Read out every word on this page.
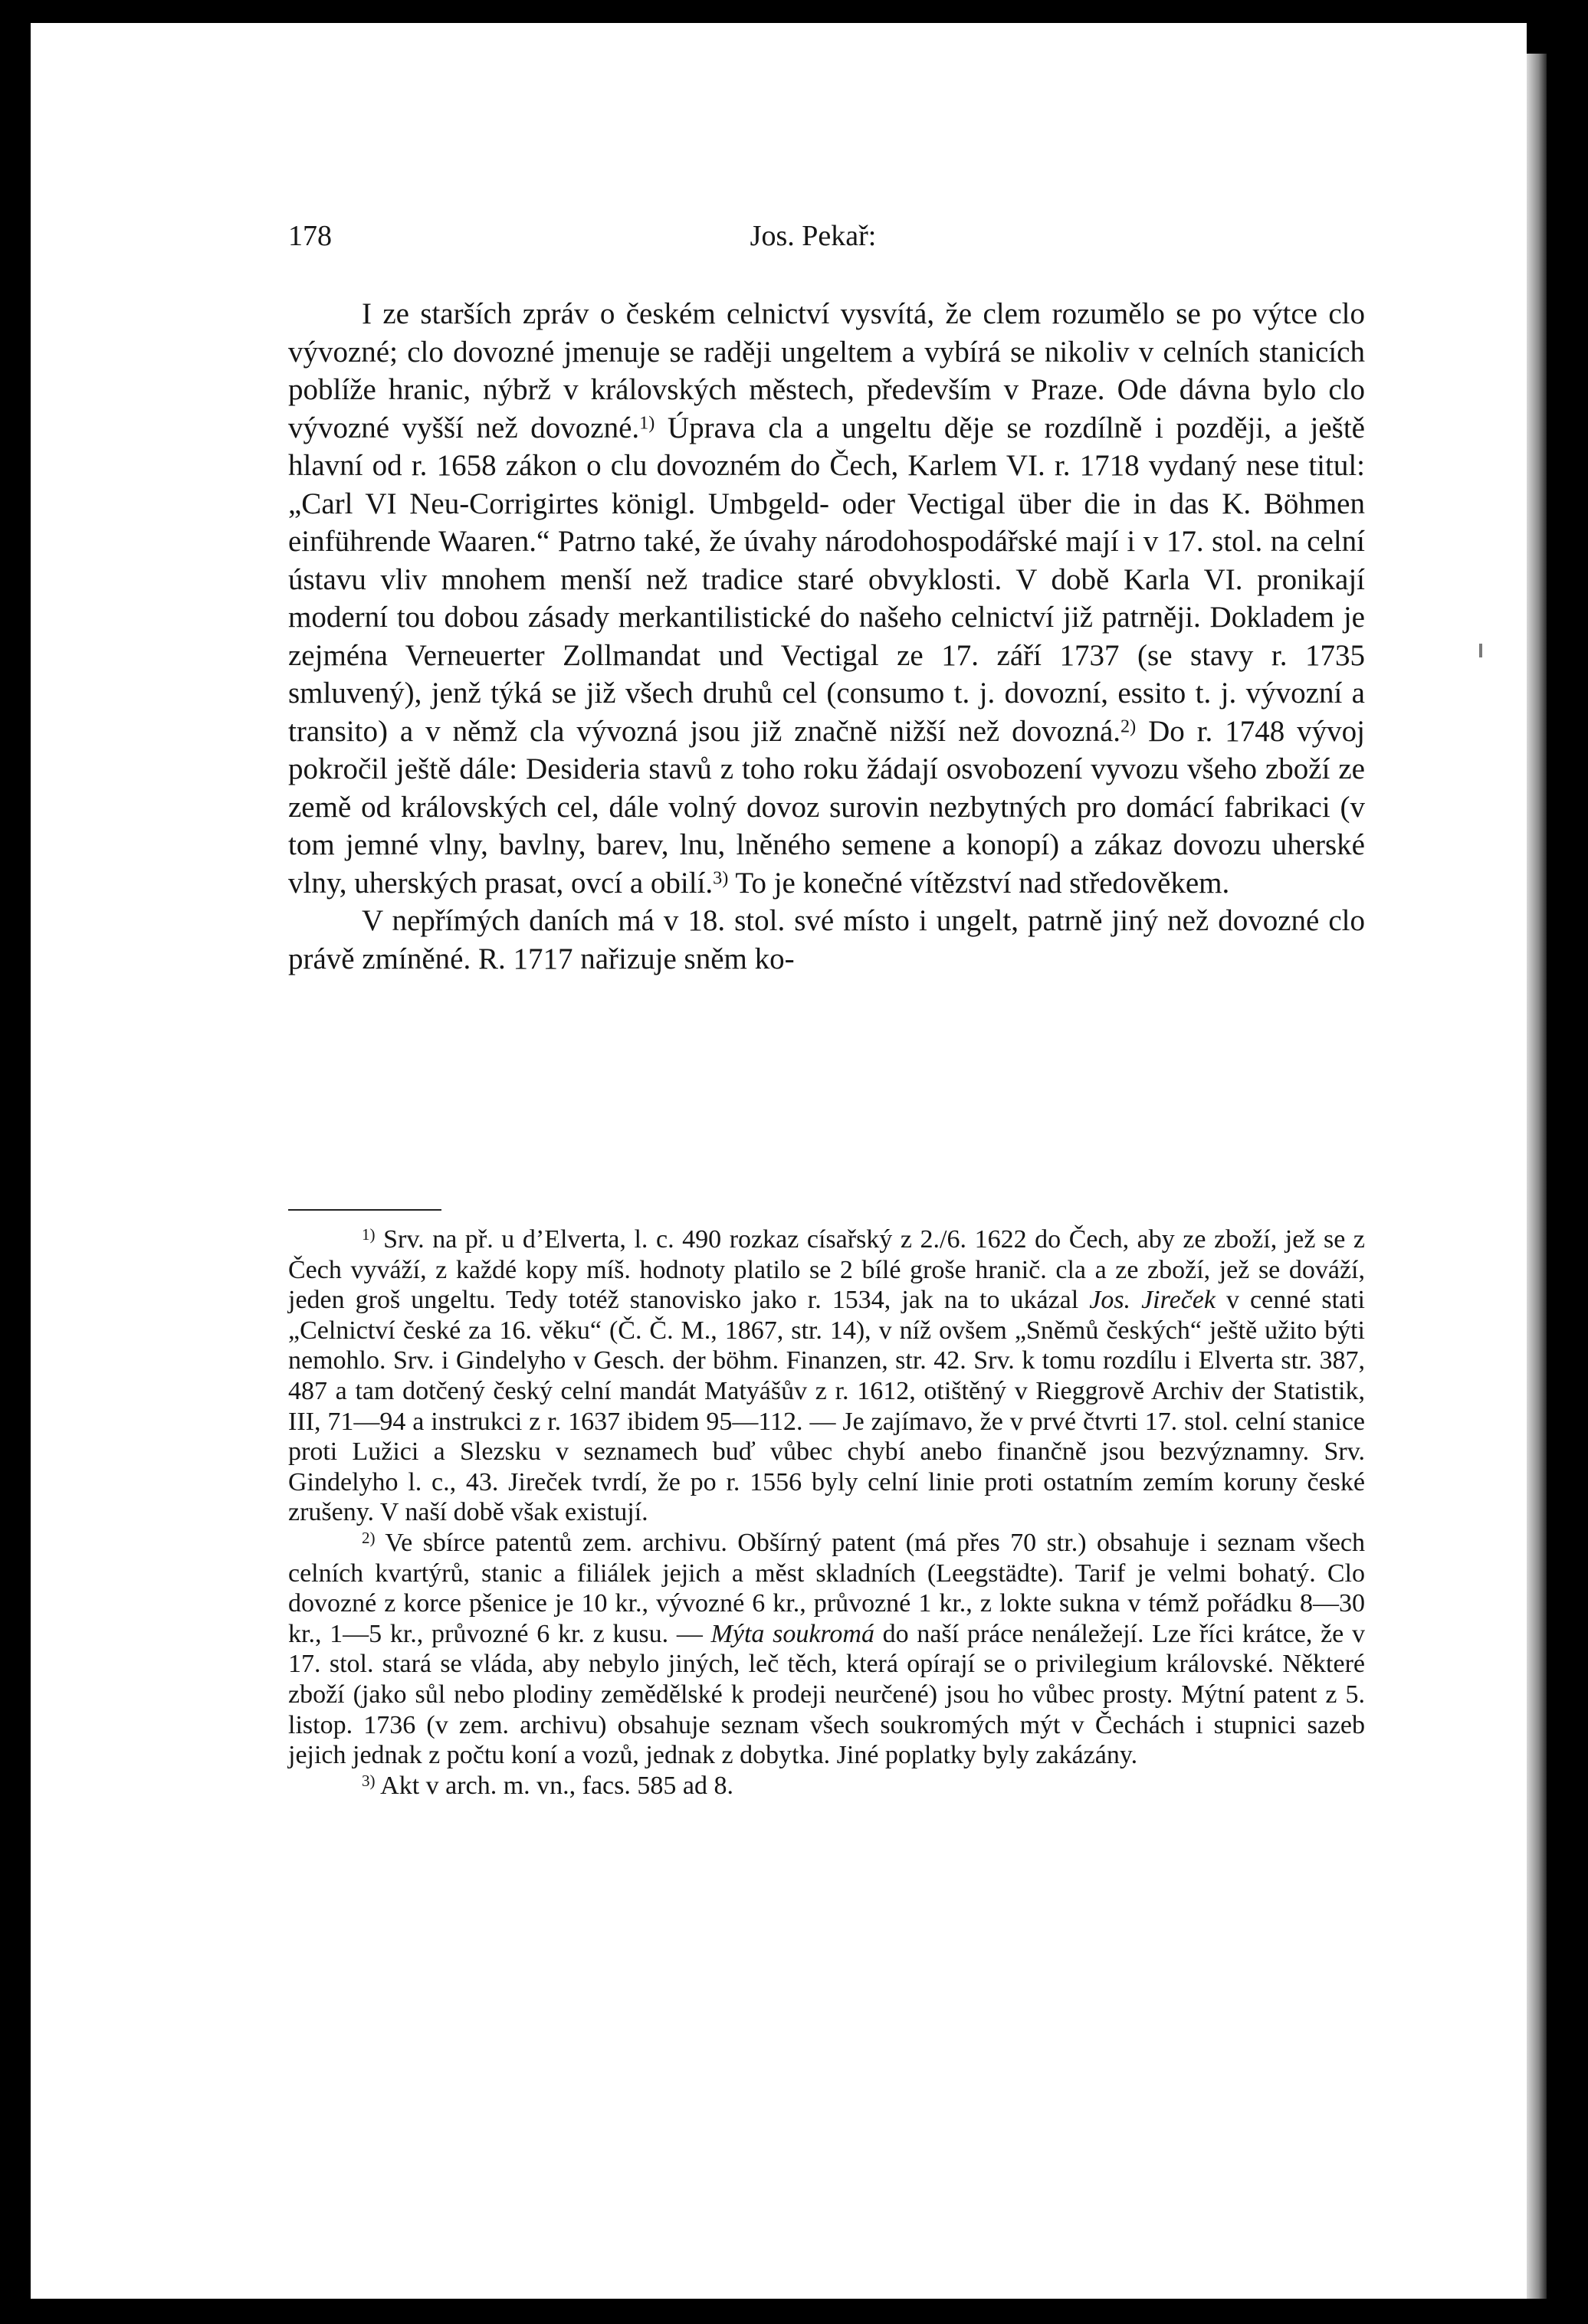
178	Jos. Pekař:

I ze starších zpráv o českém celnictví vysvítá, že clem rozumělo se po výtce clo vývozné; clo dovozné jmenuje se raději ungeltem a vybírá se nikoliv v celních stanicích poblíže hranic, nýbrž v královských městech, především v Praze. Ode dávna bylo clo vývozné vyšší než dovozné.$^{1)}$ Úprava cla a ungeltu děje se rozdílně i později, a ještě hlavní od r. 1658 zákon o clu dovozném do Čech, Karlem VI. r. 1718 vydaný nese titul: „Carl VI Neu-Corrigirtes königl. Umbgeld- oder Vectigal über die in das K. Böhmen einführende Waaren.“ Patrno také, že úvahy národohospodářské mají i v 17. stol. na celní ústavu vliv mnohem menší než tradice staré obvyklosti. V době Karla VI. pronikají moderní tou dobou zásady merkantilistické do našeho celnictví již patrněji. Dokladem je zejména Verneuerter Zollmandat und Vectigal ze 17. září 1737 (se stavy r. 1735 smluvený), jenž týká se již všech druhů cel (consumo t. j. dovozní, essito t. j. vývozní a transito) a v němž cla vývozná jsou již značně nižší než dovozná.$^{2)}$ Do r. 1748 vývoj pokročil ještě dále: Desideria stavů z toho roku žádají osvobození vyvozu všeho zboží ze země od královských cel, dále volný dovoz surovin nezbytných pro domácí fabrikaci (v tom jemné vlny, bavlny, barev, lnu, lněného semene a konopí) a zákaz dovozu uherské vlny, uherských prasat, ovcí a obilí.$^{3)}$ To je konečné vítězství nad středověkem.

V nepřímých daních má v 18. stol. své místo i ungelt, patrně jiný než dovozné clo právě zmíněné. R. 1717 nařizuje sněm ko-

$^{1)}$ Srv. na př. u d’Elverta, l. c. 490 rozkaz císařský z 2./6. 1622 do Čech, aby ze zboží, jež se z Čech vyváží, z každé kopy míš. hodnoty platilo se 2 bílé groše hranič. cla a ze zboží, jež se dováží, jeden groš ungeltu. Tedy totéž stanovisko jako r. 1534, jak na to ukázal Jos. Jireček v cenné stati „Celnictví české za 16. věku“ (Č. Č. M., 1867, str. 14), v níž ovšem „Sněmů českých“ ještě užito býti nemohlo. Srv. i Gindelyho v Gesch. der böhm. Finanzen, str. 42. Srv. k tomu rozdílu i Elverta str. 387, 487 a tam dotčený český celní mandát Matyášův z r. 1612, otištěný v Rieggrově Archiv der Statistik, III, 71—94 a instrukci z r. 1637 ibidem 95—112. — Je zajímavo, že v prvé čtvrti 17. stol. celní stanice proti Lužici a Slezsku v seznamech buď vůbec chybí anebo finančně jsou bezvýznamny. Srv. Gindelyho l. c., 43. Jireček tvrdí, že po r. 1556 byly celní linie proti ostatním zemím koruny české zrušeny. V naší době však existují.

$^{2)}$ Ve sbírce patentů zem. archivu. Obšírný patent (má přes 70 str.) obsahuje i seznam všech celních kvartýrů, stanic a filiálek jejich a měst skladních (Leegstädte). Tarif je velmi bohatý. Clo dovozné z korce pšenice je 10 kr., vývozné 6 kr., průvozné 1 kr., z lokte sukna v témž pořádku 8—30 kr., 1—5 kr., průvozné 6 kr. z kusu. — Mýta soukromá do naší práce nenáležejí. Lze říci krátce, že v 17. stol. stará se vláda, aby nebylo jiných, leč těch, která opírají se o privilegium královské. Některé zboží (jako sůl nebo plodiny zemědělské k prodeji neurčené) jsou ho vůbec prosty. Mýtní patent z 5. listop. 1736 (v zem. archivu) obsahuje seznam všech soukromých mýt v Čechách i stupnici sazeb jejich jednak z počtu koní a vozů, jednak z dobytka. Jiné poplatky byly zakázány.

$^{3)}$ Akt v arch. m. vn., facs. 585 ad 8.
